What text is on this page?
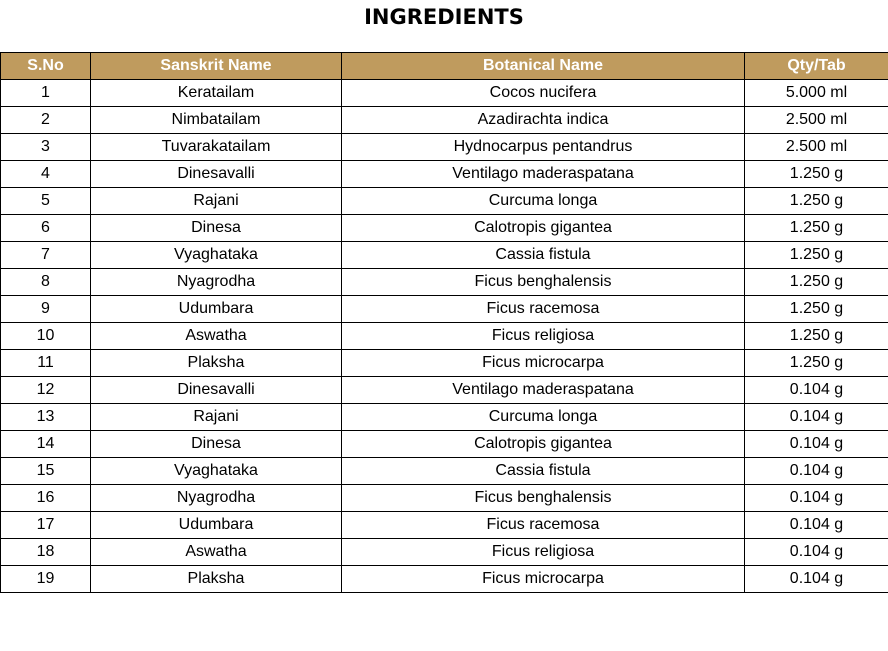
INGREDIENTS
S.No	Sanskrit Name	Botanical Name	Qty/Tab
1	Keratailam	Cocos nucifera	5.000 ml
2	Nimbatailam	Azadirachta indica	2.500 ml
3	Tuvarakatailam	Hydnocarpus pentandrus	2.500 ml
4	Dinesavalli	Ventilago maderaspatana	1.250 g
5	Rajani	Curcuma longa	1.250 g
6	Dinesa	Calotropis gigantea	1.250 g
7	Vyaghataka	Cassia fistula	1.250 g
8	Nyagrodha	Ficus benghalensis	1.250 g
9	Udumbara	Ficus racemosa	1.250 g
10	Aswatha	Ficus religiosa	1.250 g
11	Plaksha	Ficus microcarpa	1.250 g
12	Dinesavalli	Ventilago maderaspatana	0.104 g
13	Rajani	Curcuma longa	0.104 g
14	Dinesa	Calotropis gigantea	0.104 g
15	Vyaghataka	Cassia fistula	0.104 g
16	Nyagrodha	Ficus benghalensis	0.104 g
17	Udumbara	Ficus racemosa	0.104 g
18	Aswatha	Ficus religiosa	0.104 g
19	Plaksha	Ficus microcarpa	0.104 g
